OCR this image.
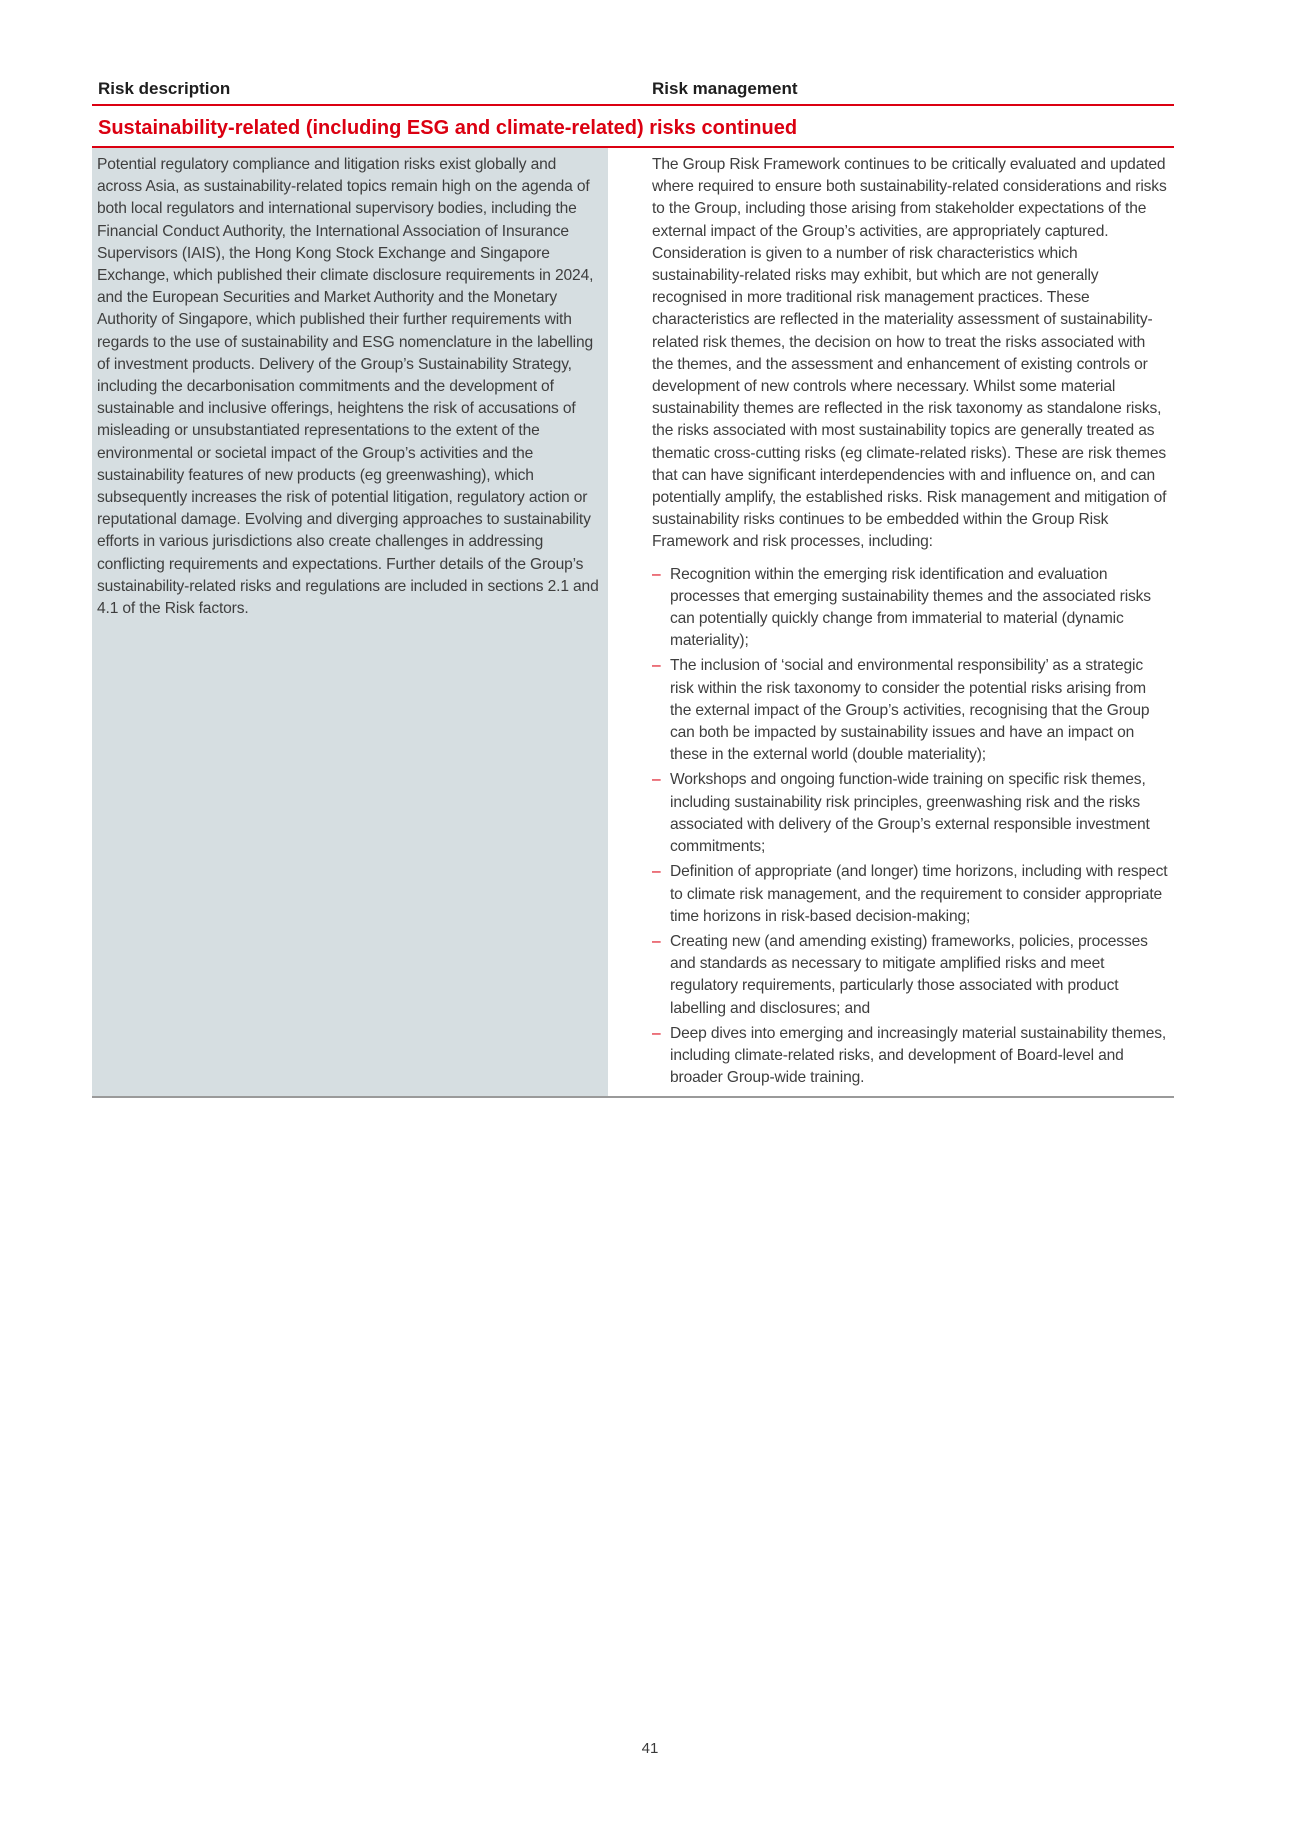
Risk description	Risk management
Sustainability-related (including ESG and climate-related) risks continued
Potential regulatory compliance and litigation risks exist globally and across Asia, as sustainability-related topics remain high on the agenda of both local regulators and international supervisory bodies, including the Financial Conduct Authority, the International Association of Insurance Supervisors (IAIS), the Hong Kong Stock Exchange and Singapore Exchange, which published their climate disclosure requirements in 2024, and the European Securities and Market Authority and the Monetary Authority of Singapore, which published their further requirements with regards to the use of sustainability and ESG nomenclature in the labelling of investment products. Delivery of the Group’s Sustainability Strategy, including the decarbonisation commitments and the development of sustainable and inclusive offerings, heightens the risk of accusations of misleading or unsubstantiated representations to the extent of the environmental or societal impact of the Group’s activities and the sustainability features of new products (eg greenwashing), which subsequently increases the risk of potential litigation, regulatory action or reputational damage. Evolving and diverging approaches to sustainability efforts in various jurisdictions also create challenges in addressing conflicting requirements and expectations. Further details of the Group’s sustainability-related risks and regulations are included in sections 2.1 and 4.1 of the Risk factors.

The Group Risk Framework continues to be critically evaluated and updated where required to ensure both sustainability-related considerations and risks to the Group, including those arising from stakeholder expectations of the external impact of the Group’s activities, are appropriately captured. Consideration is given to a number of risk characteristics which sustainability-related risks may exhibit, but which are not generally recognised in more traditional risk management practices. These characteristics are reflected in the materiality assessment of sustainability-related risk themes, the decision on how to treat the risks associated with the themes, and the assessment and enhancement of existing controls or development of new controls where necessary. Whilst some material sustainability themes are reflected in the risk taxonomy as standalone risks, the risks associated with most sustainability topics are generally treated as thematic cross-cutting risks (eg climate-related risks). These are risk themes that can have significant interdependencies with and influence on, and can potentially amplify, the established risks. Risk management and mitigation of sustainability risks continues to be embedded within the Group Risk Framework and risk processes, including:

– Recognition within the emerging risk identification and evaluation processes that emerging sustainability themes and the associated risks can potentially quickly change from immaterial to material (dynamic materiality);
– The inclusion of ‘social and environmental responsibility’ as a strategic risk within the risk taxonomy to consider the potential risks arising from the external impact of the Group’s activities, recognising that the Group can both be impacted by sustainability issues and have an impact on these in the external world (double materiality);
– Workshops and ongoing function-wide training on specific risk themes, including sustainability risk principles, greenwashing risk and the risks associated with delivery of the Group’s external responsible investment commitments;
– Definition of appropriate (and longer) time horizons, including with respect to climate risk management, and the requirement to consider appropriate time horizons in risk-based decision-making;
– Creating new (and amending existing) frameworks, policies, processes and standards as necessary to mitigate amplified risks and meet regulatory requirements, particularly those associated with product labelling and disclosures; and
– Deep dives into emerging and increasingly material sustainability themes, including climate-related risks, and development of Board-level and broader Group-wide training.
41
